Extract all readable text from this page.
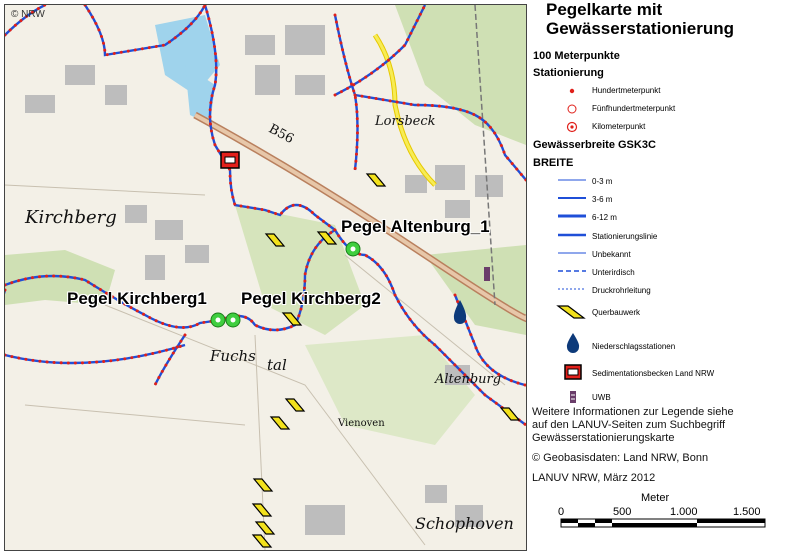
Kirchberg
Fuchs tal
Lorsbeck
B56
Altenburg
Schophoven
Vienoven
© NRW
Pegel Altenburg_1
Pegel Kirchberg1 Pegel Kirchberg2
Pegelkarte mit
Gewässerstationierung
100 Meterpunkte
Stationierung
Hundertmeterpunkt
Fünfhundertmeterpunkt
Kilometerpunkt
Gewässerbreite GSK3C
BREITE
0-3 m
3-6 m
6-12 m
Stationierungslinie
Unbekannt
Unterirdisch
Druckrohrleitung
Querbauwerk
Niederschlagsstationen
Sedimentationsbecken Land NRW
UWB
Weitere Informationen zur Legende siehe
auf den LANUV-Seiten zum Suchbegriff
Gewässerstationierungskarte
© Geobasisdaten: Land NRW, Bonn
LANUV NRW, März 2012
Meter
0	500	1.000	1.500
